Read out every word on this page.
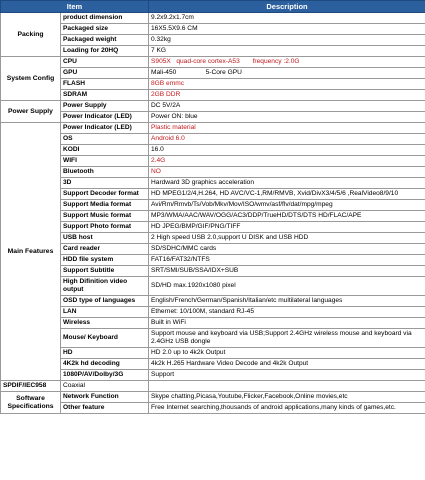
Item		Description
Packing	product dimension	9.2x9.2x1.7cm
	Packaged size	16X5.5X9.6 CM
	Packaged weight	0.32kg
	Loading for 20HQ	7 KG
System Config	CPU	S905X quad-core cortex-A53 frequency :2.0G
	GPU	Mali-450 5-Core GPU
	FLASH	8GB emmc
	SDRAM	2GB DDR
Power Supply	Power Supply	DC 5V/2A
	Power Indicator (LED)	Power ON: blue
Main Features	Power Indicator (LED)	Plastic material
	OS	Android 6.0
	KODI	16.0
	WIFI	2.4G
	Bluetooth	NO
	3D	Hardward 3D graphics acceleration
	Support Decoder format	HD MPEG1/2/4,H.264, HD AVC/VC-1,RM/RMVB, Xvid/DivX3/4/5/6 ,RealVideo8/9/10
	Support Media format	Avi/Rm/Rmvb/Ts/Vob/Mkv/Mov/ISO/wmv/asf/flv/dat/mpg/mpeg
	Support Music format	MP3/WMA/AAC/WAV/OGG/AC3/DDP/TrueHD/DTS/DTS HD/FLAC/APE
	Support Photo format	HD JPEG/BMP/GIF/PNG/TIFF
	USB host	2 High speed USB 2.0,support U DISK and USB HDD
	Card reader	SD/SDHC/MMC cards
	HDD file system	FAT16/FAT32/NTFS
	Support Subtitle	SRT/SMI/SUB/SSA/IDX+SUB
	High Difinition video output	SD/HD max.1920x1080 pixel
	OSD type of languages	English/French/German/Spanish/Italian/etc multilateral languages
	LAN	Ethernet: 10/100M, standard RJ-45
	Wireless	Built in WiFi
	Mouse/ Keyboard	Support mouse and keyboard via USB;Support 2.4GHz wireless mouse and keyboard via 2.4GHz USB dongle
	HD	HD 2.0 up to 4k2k Output
	4K2k hd decoding	4k2k H.265 Hardware Video Decode and 4k2k Output
	1080P/AV/Dolby/3G	Support
SPDIF/IEC958	Coaxial	
Software Specifications	Network Function	Skype chatting,Picasa,Youtube,Flicker,Facebook,Online movies,etc
	Other feature	Free Internet searching,thousands of android applications,many kinds of games,etc.
